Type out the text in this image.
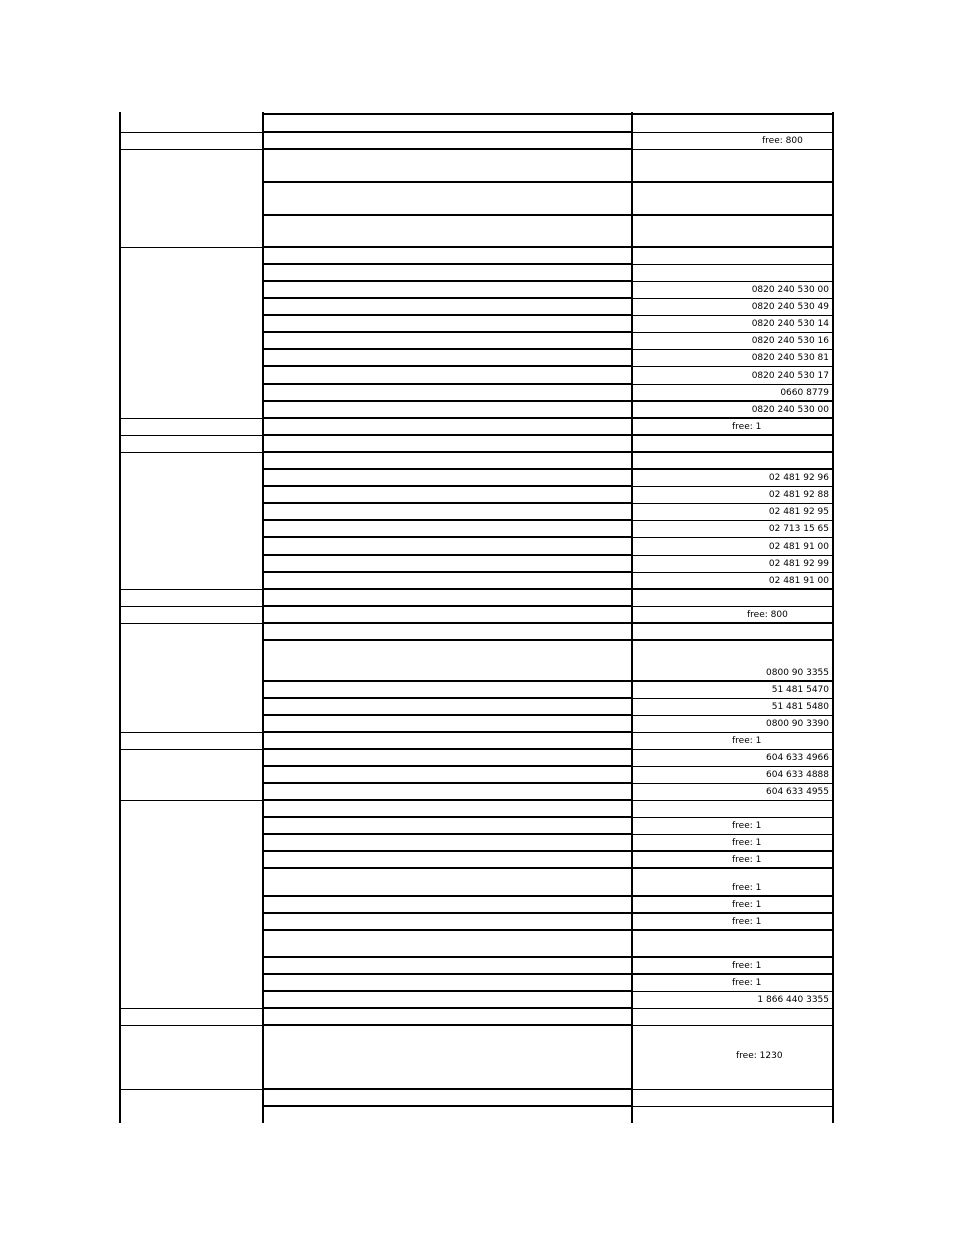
free: 800
0820 240 530 00
0820 240 530 49
0820 240 530 14
0820 240 530 16
0820 240 530 81
0820 240 530 17
0660 8779
0820 240 530 00
free: 1
02 481 92 96
02 481 92 88
02 481 92 95
02 713 15 65
02 481 91 00
02 481 92 99
02 481 91 00
free: 800
0800 90 3355
51 481 5470
51 481 5480
0800 90 3390
free: 1
604 633 4966
604 633 4888
604 633 4955
free: 1
free: 1
free: 1
free: 1
free: 1
free: 1
free: 1
free: 1
1 866 440 3355
free: 1230
